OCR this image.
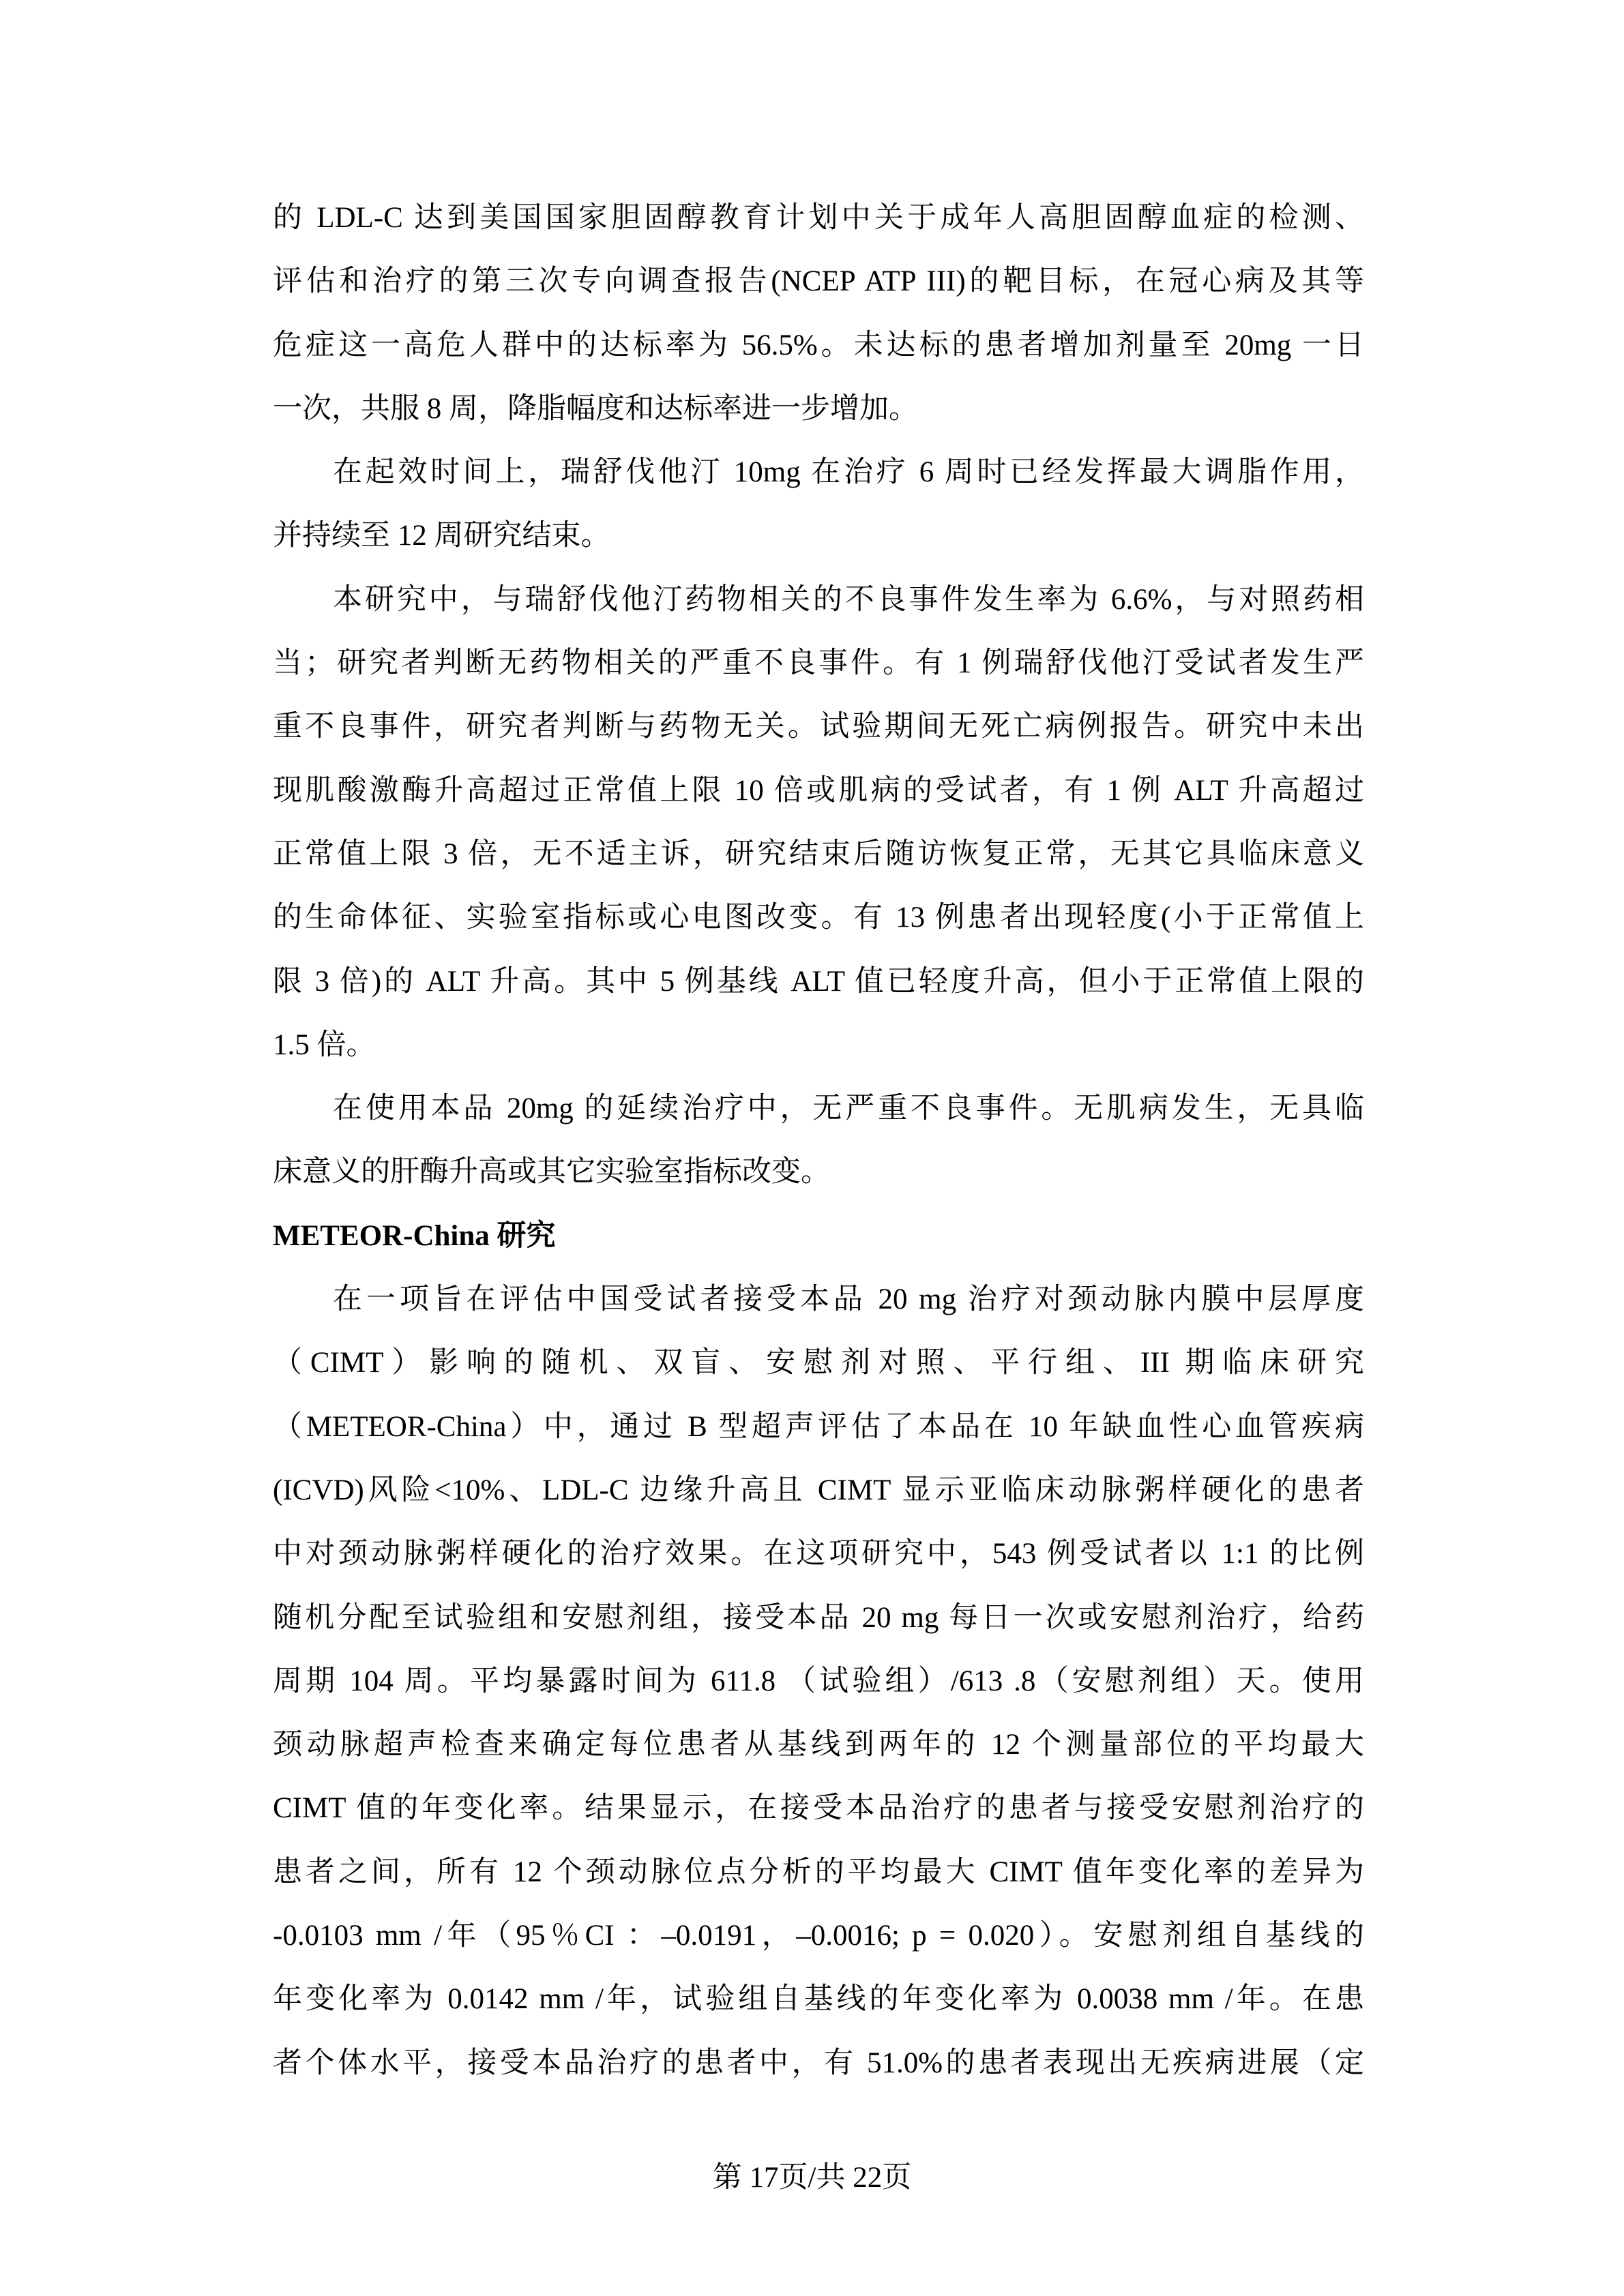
的 LDL-C 达到美国国家胆固醇教育计划中关于成年人高胆固醇血症的检测、
评估和治疗的第三次专向调查报告(NCEP ATP III)的靶目标，在冠心病及其等
危症这一高危人群中的达标率为 56.5%。未达标的患者增加剂量至 20mg 一日
一次，共服 8 周，降脂幅度和达标率进一步增加。
在起效时间上，瑞舒伐他汀 10mg 在治疗 6 周时已经发挥最大调脂作用，
并持续至 12 周研究结束。
本研究中，与瑞舒伐他汀药物相关的不良事件发生率为 6.6%，与对照药相
当；研究者判断无药物相关的严重不良事件。有 1 例瑞舒伐他汀受试者发生严
重不良事件，研究者判断与药物无关。试验期间无死亡病例报告。研究中未出
现肌酸激酶升高超过正常值上限 10 倍或肌病的受试者，有 1 例 ALT 升高超过
正常值上限 3 倍，无不适主诉，研究结束后随访恢复正常，无其它具临床意义
的生命体征、实验室指标或心电图改变。有 13 例患者出现轻度(小于正常值上
限 3 倍)的 ALT 升高。其中 5 例基线 ALT 值已轻度升高，但小于正常值上限的
1.5 倍。
在使用本品 20mg 的延续治疗中，无严重不良事件。无肌病发生，无具临
床意义的肝酶升高或其它实验室指标改变。
METEOR-China 研究
在一项旨在评估中国受试者接受本品 20 mg 治疗对颈动脉内膜中层厚度
（CIMT）影响的随机、双盲、安慰剂对照、平行组、III 期临床研究
（METEOR-China）中，通过 B 型超声评估了本品在 10 年缺血性心血管疾病
(ICVD)风险<10%、LDL-C 边缘升高且 CIMT 显示亚临床动脉粥样硬化的患者
中对颈动脉粥样硬化的治疗效果。在这项研究中，543 例受试者以 1:1 的比例
随机分配至试验组和安慰剂组，接受本品 20 mg 每日一次或安慰剂治疗，给药
周期 104 周。平均暴露时间为 611.8 （试验组）/613 .8（安慰剂组）天。使用
颈动脉超声检查来确定每位患者从基线到两年的 12 个测量部位的平均最大
CIMT 值的年变化率。结果显示，在接受本品治疗的患者与接受安慰剂治疗的
患者之间，所有 12 个颈动脉位点分析的平均最大 CIMT 值年变化率的差异为
-0.0103 mm /年（95％CI ：–0.0191，–0.0016; p = 0.020）。安慰剂组自基线的
年变化率为 0.0142 mm /年，试验组自基线的年变化率为 0.0038 mm /年。在患
者个体水平，接受本品治疗的患者中，有 51.0%的患者表现出无疾病进展（定
第 17页/共 22页
